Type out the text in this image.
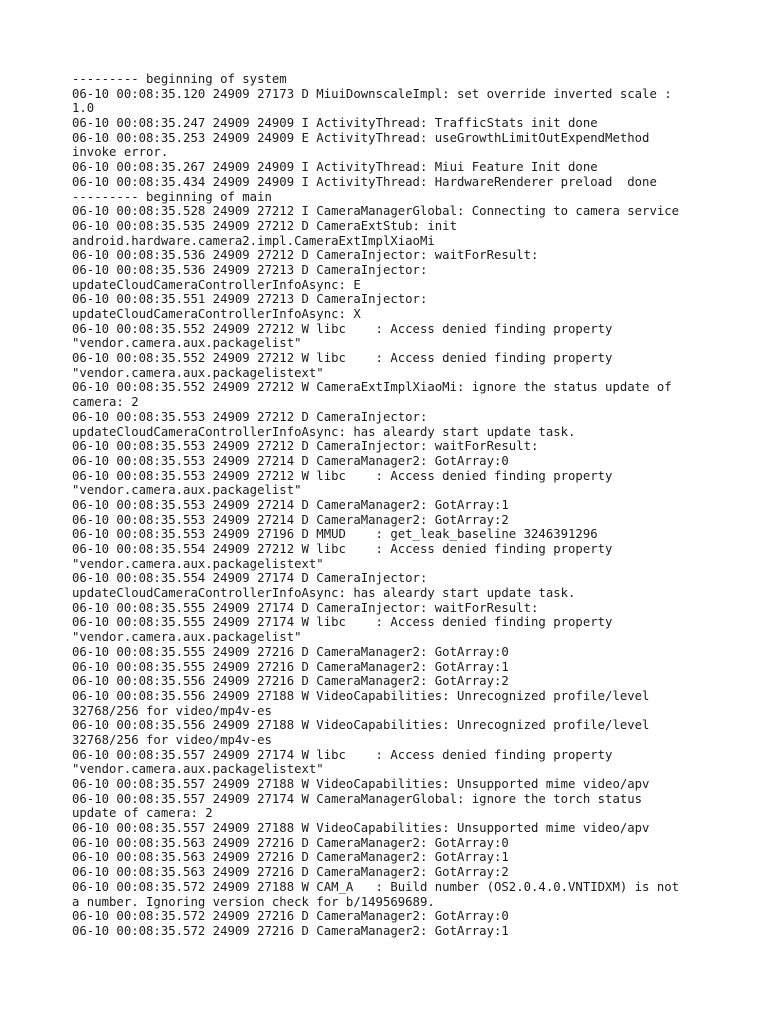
--------- beginning of system
06-10 00:08:35.120 24909 27173 D MiuiDownscaleImpl: set override inverted scale :
1.0
06-10 00:08:35.247 24909 24909 I ActivityThread: TrafficStats init done
06-10 00:08:35.253 24909 24909 E ActivityThread: useGrowthLimitOutExpendMethod
invoke error.
06-10 00:08:35.267 24909 24909 I ActivityThread: Miui Feature Init done
06-10 00:08:35.434 24909 24909 I ActivityThread: HardwareRenderer preload  done
--------- beginning of main
06-10 00:08:35.528 24909 27212 I CameraManagerGlobal: Connecting to camera service
06-10 00:08:35.535 24909 27212 D CameraExtStub: init
android.hardware.camera2.impl.CameraExtImplXiaoMi
06-10 00:08:35.536 24909 27212 D CameraInjector: waitForResult:
06-10 00:08:35.536 24909 27213 D CameraInjector:
updateCloudCameraControllerInfoAsync: E
06-10 00:08:35.551 24909 27213 D CameraInjector:
updateCloudCameraControllerInfoAsync: X
06-10 00:08:35.552 24909 27212 W libc    : Access denied finding property
"vendor.camera.aux.packagelist"
06-10 00:08:35.552 24909 27212 W libc    : Access denied finding property
"vendor.camera.aux.packagelistext"
06-10 00:08:35.552 24909 27212 W CameraExtImplXiaoMi: ignore the status update of
camera: 2
06-10 00:08:35.553 24909 27212 D CameraInjector:
updateCloudCameraControllerInfoAsync: has aleardy start update task.
06-10 00:08:35.553 24909 27212 D CameraInjector: waitForResult:
06-10 00:08:35.553 24909 27214 D CameraManager2: GotArray:0
06-10 00:08:35.553 24909 27212 W libc    : Access denied finding property
"vendor.camera.aux.packagelist"
06-10 00:08:35.553 24909 27214 D CameraManager2: GotArray:1
06-10 00:08:35.553 24909 27214 D CameraManager2: GotArray:2
06-10 00:08:35.553 24909 27196 D MMUD    : get_leak_baseline 3246391296
06-10 00:08:35.554 24909 27212 W libc    : Access denied finding property
"vendor.camera.aux.packagelistext"
06-10 00:08:35.554 24909 27174 D CameraInjector:
updateCloudCameraControllerInfoAsync: has aleardy start update task.
06-10 00:08:35.555 24909 27174 D CameraInjector: waitForResult:
06-10 00:08:35.555 24909 27174 W libc    : Access denied finding property
"vendor.camera.aux.packagelist"
06-10 00:08:35.555 24909 27216 D CameraManager2: GotArray:0
06-10 00:08:35.555 24909 27216 D CameraManager2: GotArray:1
06-10 00:08:35.556 24909 27216 D CameraManager2: GotArray:2
06-10 00:08:35.556 24909 27188 W VideoCapabilities: Unrecognized profile/level
32768/256 for video/mp4v-es
06-10 00:08:35.556 24909 27188 W VideoCapabilities: Unrecognized profile/level
32768/256 for video/mp4v-es
06-10 00:08:35.557 24909 27174 W libc    : Access denied finding property
"vendor.camera.aux.packagelistext"
06-10 00:08:35.557 24909 27188 W VideoCapabilities: Unsupported mime video/apv
06-10 00:08:35.557 24909 27174 W CameraManagerGlobal: ignore the torch status
update of camera: 2
06-10 00:08:35.557 24909 27188 W VideoCapabilities: Unsupported mime video/apv
06-10 00:08:35.563 24909 27216 D CameraManager2: GotArray:0
06-10 00:08:35.563 24909 27216 D CameraManager2: GotArray:1
06-10 00:08:35.563 24909 27216 D CameraManager2: GotArray:2
06-10 00:08:35.572 24909 27188 W CAM_A   : Build number (OS2.0.4.0.VNTIDXM) is not
a number. Ignoring version check for b/149569689.
06-10 00:08:35.572 24909 27216 D CameraManager2: GotArray:0
06-10 00:08:35.572 24909 27216 D CameraManager2: GotArray:1
